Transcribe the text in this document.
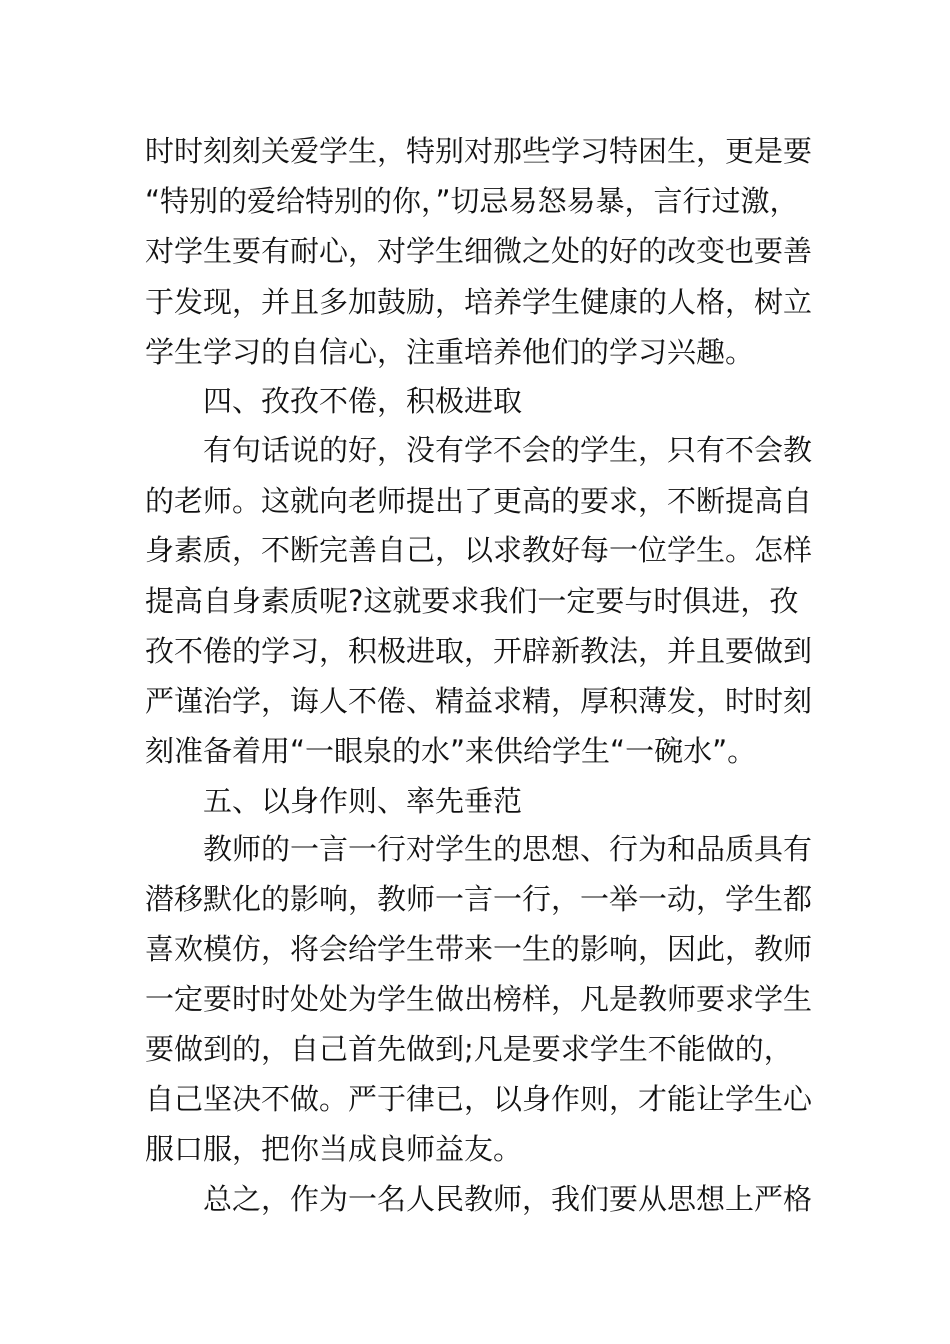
时时刻刻关爱学生，特别对那些学习特困生，更是要

“特别的爱给特别的你，”切忌易怒易暴，言行过激，

对学生要有耐心，对学生细微之处的好的改变也要善

于发现，并且多加鼓励，培养学生健康的人格，树立

学生学习的自信心，注重培养他们的学习兴趣。

四、孜孜不倦，积极进取

有句话说的好，没有学不会的学生，只有不会教

的老师。这就向老师提出了更高的要求，不断提高自

身素质，不断完善自己，以求教好每一位学生。怎样

提高自身素质呢?这就要求我们一定要与时俱进，孜

孜不倦的学习，积极进取，开辟新教法，并且要做到

严谨治学，诲人不倦、精益求精，厚积薄发，时时刻

刻准备着用“一眼泉的水”来供给学生“一碗水”。

五、以身作则、率先垂范

教师的一言一行对学生的思想、行为和品质具有

潜移默化的影响，教师一言一行，一举一动，学生都

喜欢模仿，将会给学生带来一生的影响，因此，教师

一定要时时处处为学生做出榜样，凡是教师要求学生

要做到的，自己首先做到;凡是要求学生不能做的，

自己坚决不做。严于律已，以身作则，才能让学生心

服口服，把你当成良师益友。

总之，作为一名人民教师，我们要从思想上严格
